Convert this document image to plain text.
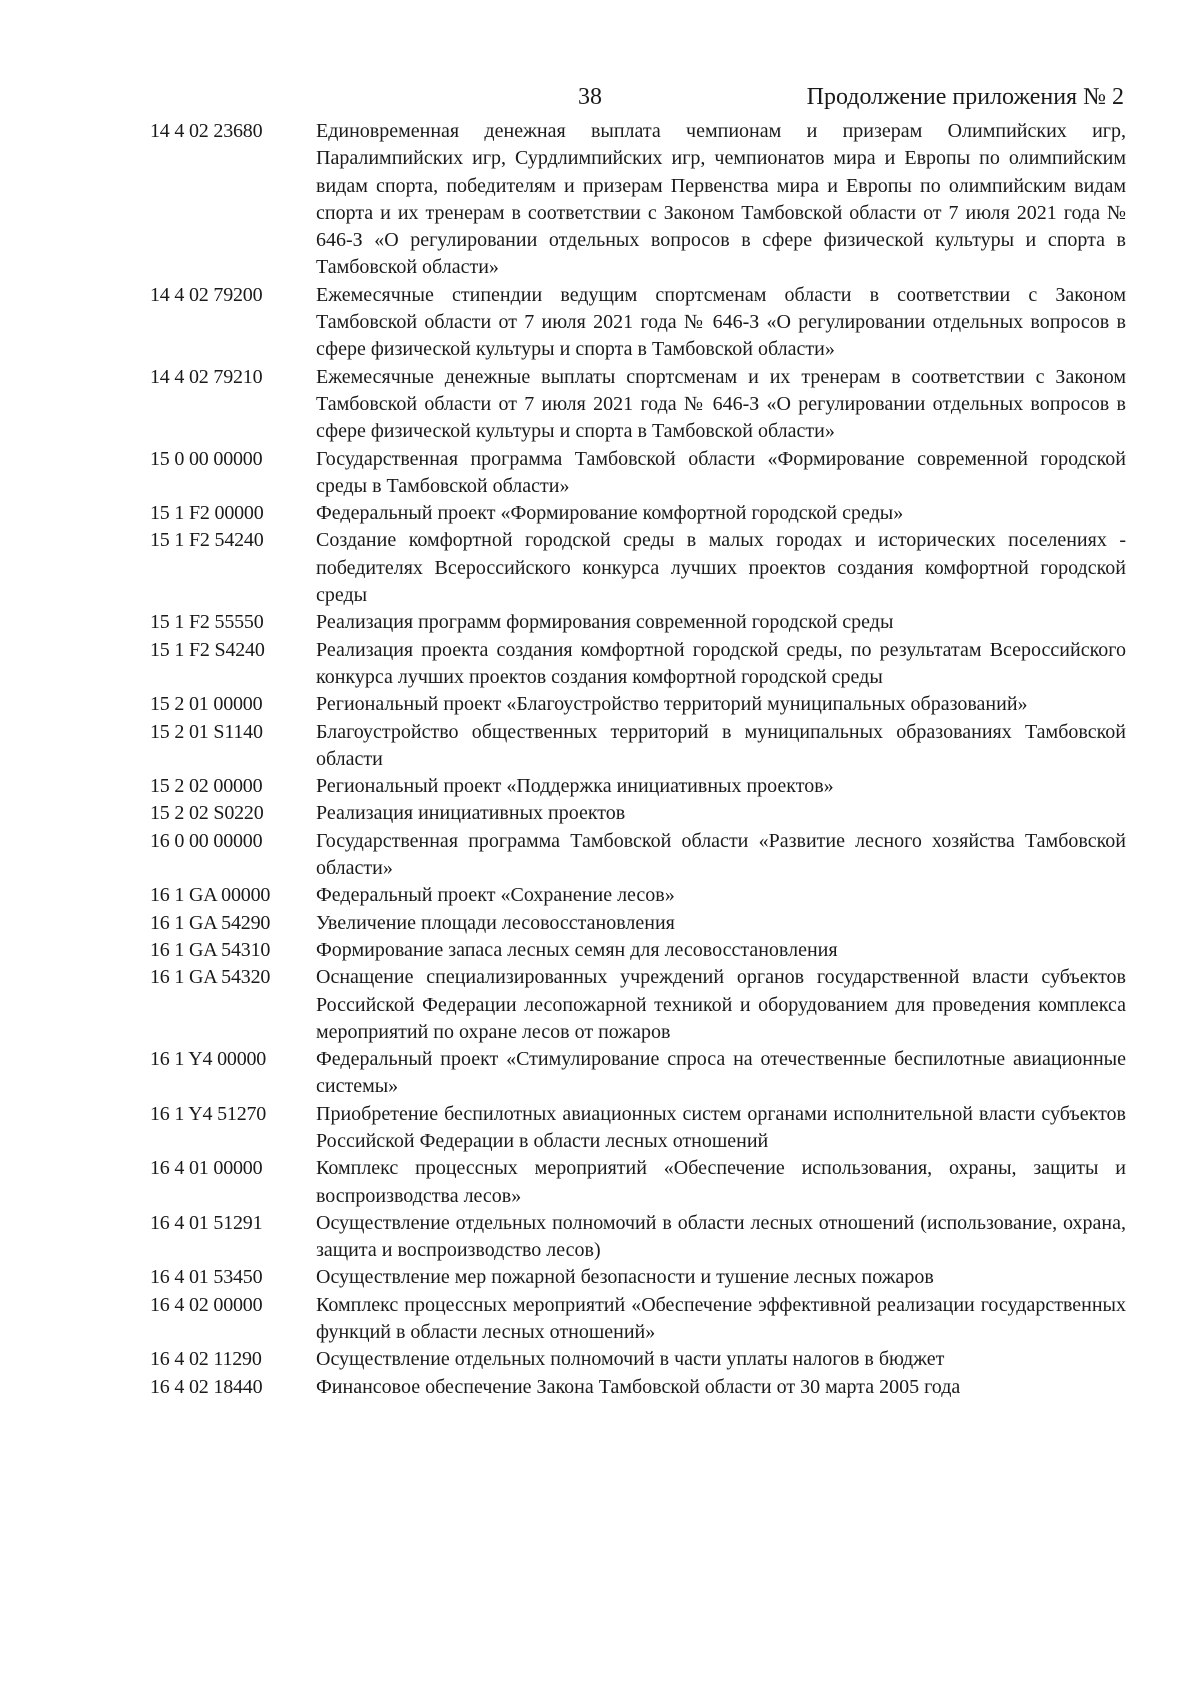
38	Продолжение приложения № 2
14 4 02 23680	Единовременная денежная выплата чемпионам и призерам Олимпийских игр, Паралимпийских игр, Сурдлимпийских игр, чемпионатов мира и Европы по олимпийским видам спорта, победителям и призерам Первенства мира и Европы по олимпийским видам спорта и их тренерам в соответствии с Законом Тамбовской области от 7 июля 2021 года № 646-З «О регулировании отдельных вопросов в сфере физической культуры и спорта в Тамбовской области»
14 4 02 79200	Ежемесячные стипендии ведущим спортсменам области в соответствии с Законом Тамбовской области от 7 июля 2021 года № 646-З «О регулировании отдельных вопросов в сфере физической культуры и спорта в Тамбовской области»
14 4 02 79210	Ежемесячные денежные выплаты спортсменам и их тренерам в соответствии с Законом Тамбовской области от 7 июля 2021 года № 646-З «О регулировании отдельных вопросов в сфере физической культуры и спорта в Тамбовской области»
15 0 00 00000	Государственная программа Тамбовской области «Формирование современной городской среды в Тамбовской области»
15 1 F2 00000	Федеральный проект «Формирование комфортной городской среды»
15 1 F2 54240	Создание комфортной городской среды в малых городах и исторических поселениях - победителях Всероссийского конкурса лучших проектов создания комфортной городской среды
15 1 F2 55550	Реализация программ формирования современной городской среды
15 1 F2 S4240	Реализация проекта создания комфортной городской среды, по результатам Всероссийского конкурса лучших проектов создания комфортной городской среды
15 2 01 00000	Региональный проект «Благоустройство территорий муниципальных образований»
15 2 01 S1140	Благоустройство общественных территорий в муниципальных образованиях Тамбовской области
15 2 02 00000	Региональный проект «Поддержка инициативных проектов»
15 2 02 S0220	Реализация инициативных проектов
16 0 00 00000	Государственная программа Тамбовской области «Развитие лесного хозяйства Тамбовской области»
16 1 GA 00000	Федеральный проект «Сохранение лесов»
16 1 GA 54290	Увеличение площади лесовосстановления
16 1 GA 54310	Формирование запаса лесных семян для лесовосстановления
16 1 GA 54320	Оснащение специализированных учреждений органов государственной власти субъектов Российской Федерации лесопожарной техникой и оборудованием для проведения комплекса мероприятий по охране лесов от пожаров
16 1 Y4 00000	Федеральный проект «Стимулирование спроса на отечественные беспилотные авиационные системы»
16 1 Y4 51270	Приобретение беспилотных авиационных систем органами исполнительной власти субъектов Российской Федерации в области лесных отношений
16 4 01 00000	Комплекс процессных мероприятий «Обеспечение использования, охраны, защиты и воспроизводства лесов»
16 4 01 51291	Осуществление отдельных полномочий в области лесных отношений (использование, охрана, защита и воспроизводство лесов)
16 4 01 53450	Осуществление мер пожарной безопасности и тушение лесных пожаров
16 4 02 00000	Комплекс процессных мероприятий «Обеспечение эффективной реализации государственных функций в области лесных отношений»
16 4 02 11290	Осуществление отдельных полномочий в части уплаты налогов в бюджет
16 4 02 18440	Финансовое обеспечение Закона Тамбовской области от 30 марта 2005 года
